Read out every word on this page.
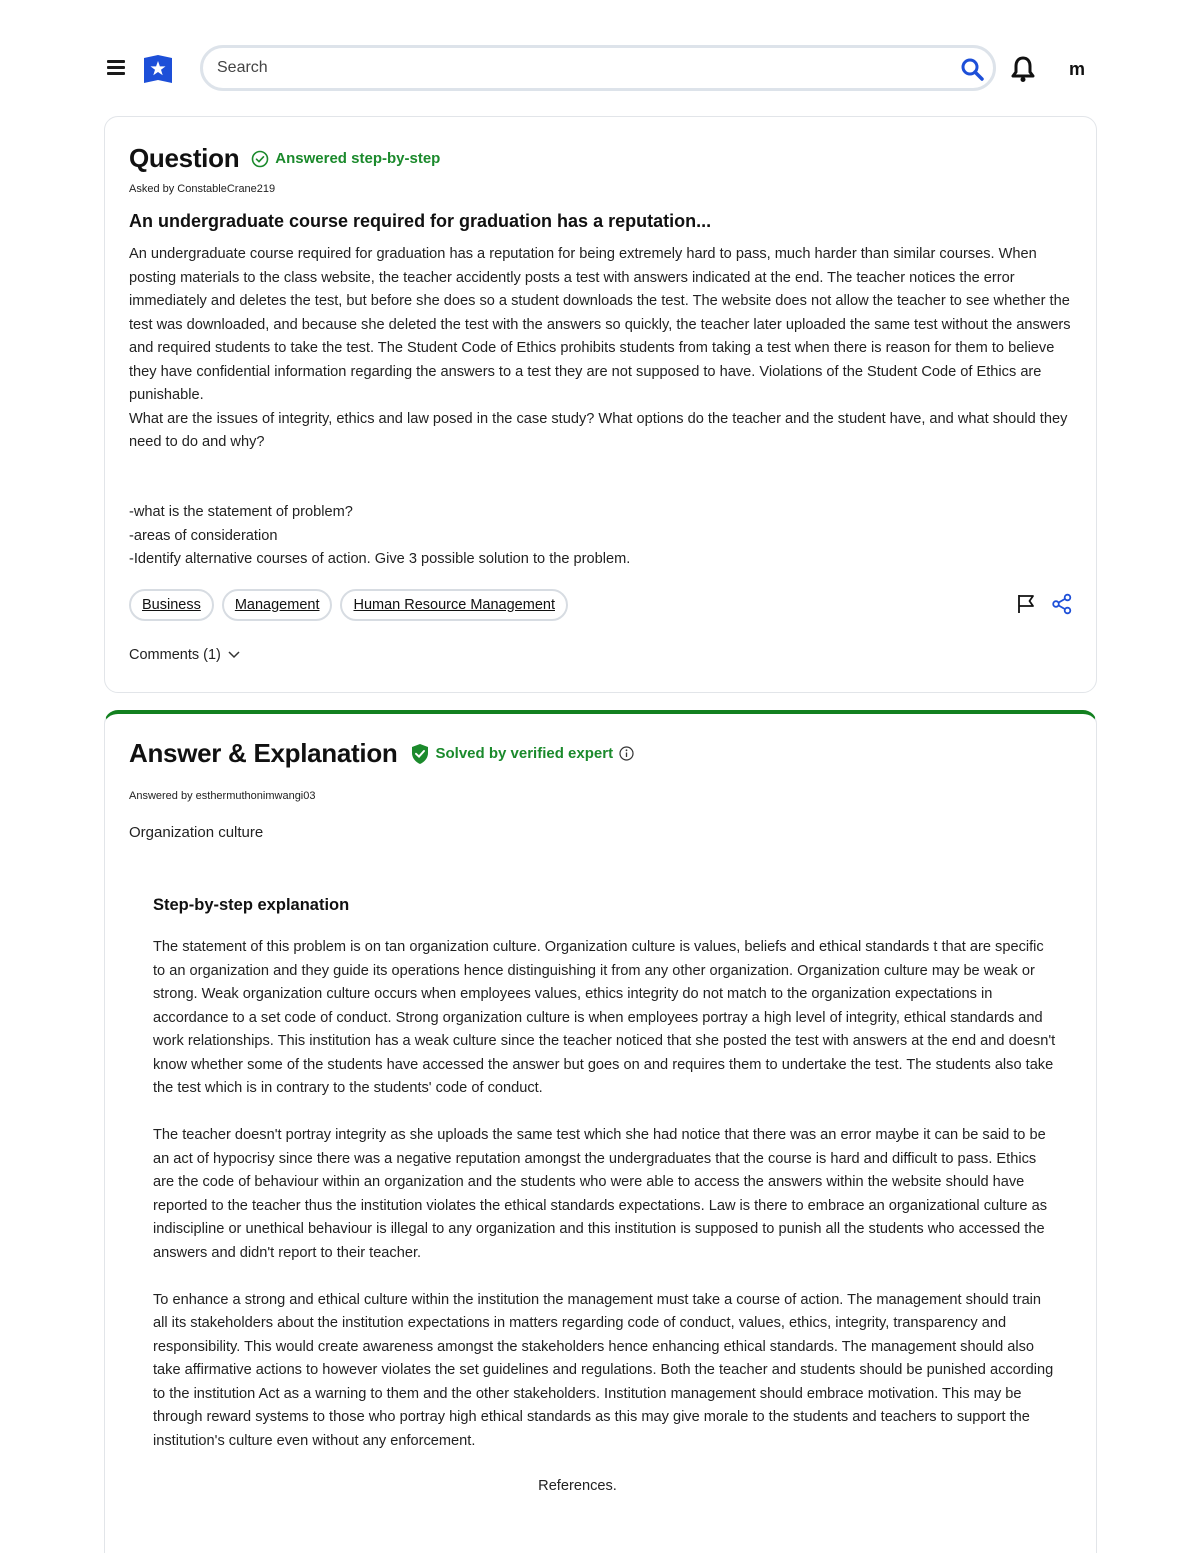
Search
m
Question Answered step-by-step
Asked by ConstableCrane219
An undergraduate course required for graduation has a reputation...

An undergraduate course required for graduation has a reputation for being extremely hard to pass, much harder than similar courses. When posting materials to the class website, the teacher accidently posts a test with answers indicated at the end. The teacher notices the error immediately and deletes the test, but before she does so a student downloads the test. The website does not allow the teacher to see whether the test was downloaded, and because she deleted the test with the answers so quickly, the teacher later uploaded the same test without the answers and required students to take the test. The Student Code of Ethics prohibits students from taking a test when there is reason for them to believe they have confidential information regarding the answers to a test they are not supposed to have. Violations of the Student Code of Ethics are punishable.

What are the issues of integrity, ethics and law posed in the case study? What options do the teacher and the student have, and what should they need to do and why?

-what is the statement of problem?
-areas of consideration
-Identify alternative courses of action. Give 3 possible solution to the problem.
Business	Management	Human Resource Management
Comments (1)
Answer & Explanation	Solved by verified expert
Answered by esthermuthonimwangi03
Organization culture
Step-by-step explanation

The statement of this problem is on tan organization culture. Organization culture is values, beliefs and ethical standards t that are specific to an organization and they guide its operations hence distinguishing it from any other organization. Organization culture may be weak or strong. Weak organization culture occurs when employees values, ethics integrity do not match to the organization expectations in accordance to a set code of conduct. Strong organization culture is when employees portray a high level of integrity, ethical standards and work relationships. This institution has a weak culture since the teacher noticed that she posted the test with answers at the end and doesn't know whether some of the students have accessed the answer but goes on and requires them to undertake the test. The students also take the test which is in contrary to the students' code of conduct.

The teacher doesn't portray integrity as she uploads the same test which she had notice that there was an error maybe it can be said to be an act of hypocrisy since there was a negative reputation amongst the undergraduates that the course is hard and difficult to pass. Ethics are the code of behaviour within an organization and the students who were able to access the answers within the website should have reported to the teacher thus the institution violates the ethical standards expectations. Law is there to embrace an organizational culture as indiscipline or unethical behaviour is illegal to any organization and this institution is supposed to punish all the students who accessed the answers and didn't report to their teacher.

To enhance a strong and ethical culture within the institution the management must take a course of action. The management should train all its stakeholders about the institution expectations in matters regarding code of conduct, values, ethics, integrity, transparency and responsibility. This would create awareness amongst the stakeholders hence enhancing ethical standards. The management should also take affirmative actions to however violates the set guidelines and regulations. Both the teacher and students should be punished according to the institution Act as a warning to them and the other stakeholders. Institution management should embrace motivation. This may be through reward systems to those who portray high ethical standards as this may give morale to the students and teachers to support the institution's culture even without any enforcement.

References.
